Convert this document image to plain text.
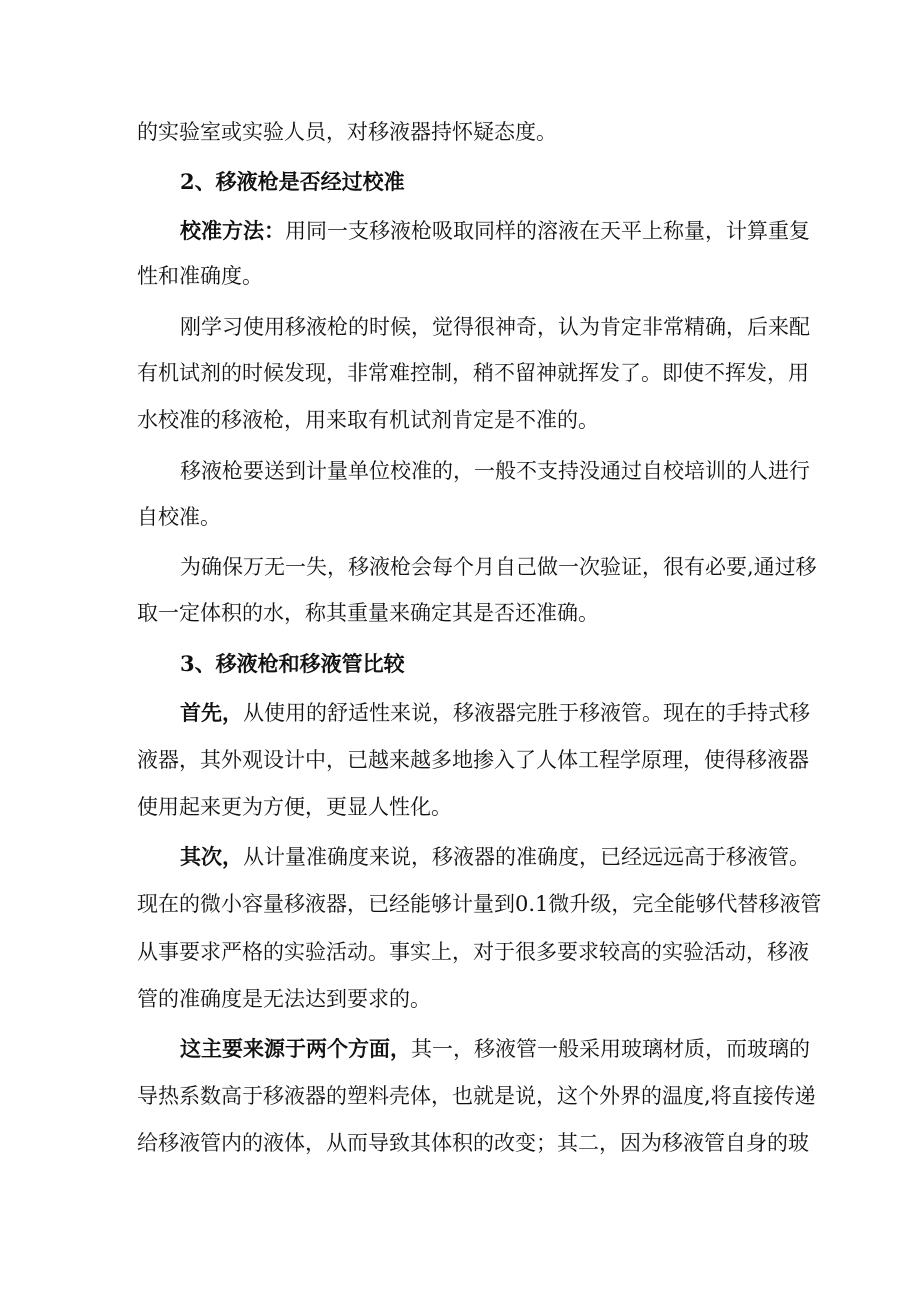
的实验室或实验人员，对移液器持怀疑态度。
2、移液枪是否经过校准
校准方法：用同一支移液枪吸取同样的溶液在天平上称量，计算重复
性和准确度。
刚学习使用移液枪的时候，觉得很神奇，认为肯定非常精确，后来配
有机试剂的时候发现，非常难控制，稍不留神就挥发了。即使不挥发，用
水校准的移液枪，用来取有机试剂肯定是不准的。
移液枪要送到计量单位校准的，一般不支持没通过自校培训的人进行
自校准。
为确保万无一失，移液枪会每个月自己做一次验证，很有必要,通过移
取一定体积的水，称其重量来确定其是否还准确。
3、移液枪和移液管比较
首先，从使用的舒适性来说，移液器完胜于移液管。现在的手持式移
液器，其外观设计中，已越来越多地掺入了人体工程学原理，使得移液器
使用起来更为方便，更显人性化。
其次，从计量准确度来说，移液器的准确度，已经远远高于移液管。
现在的微小容量移液器，已经能够计量到0.1微升级，完全能够代替移液管
从事要求严格的实验活动。事实上，对于很多要求较高的实验活动，移液
管的准确度是无法达到要求的。
这主要来源于两个方面，其一，移液管一般采用玻璃材质，而玻璃的
导热系数高于移液器的塑料壳体，也就是说，这个外界的温度,将直接传递
给移液管内的液体，从而导致其体积的改变；其二，因为移液管自身的玻
